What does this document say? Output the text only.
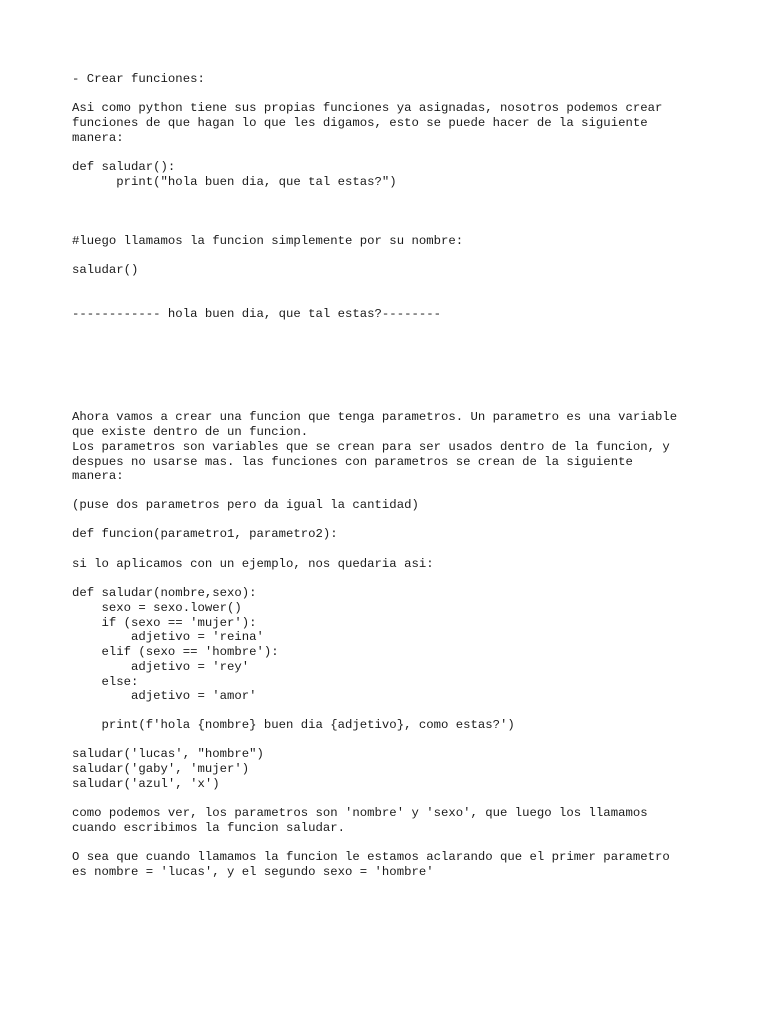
- Crear funciones:
Asi como python tiene sus propias funciones ya asignadas, nosotros podemos crear
funciones de que hagan lo que les digamos, esto se puede hacer de la siguiente
manera:
def saludar():
print("hola buen dia, que tal estas?")
#luego llamamos la funcion simplemente por su nombre:
saludar()
------------ hola buen dia, que tal estas?--------
Ahora vamos a crear una funcion que tenga parametros. Un parametro es una variable
que existe dentro de un funcion.
Los parametros son variables que se crean para ser usados dentro de la funcion, y
despues no usarse mas. las funciones con parametros se crean de la siguiente
manera:
(puse dos parametros pero da igual la cantidad)
def funcion(parametro1, parametro2):
si lo aplicamos con un ejemplo, nos quedaria asi:
def saludar(nombre,sexo):
sexo = sexo.lower()
if (sexo == 'mujer'):
adjetivo = 'reina'
elif (sexo == 'hombre'):
adjetivo = 'rey'
else:
adjetivo = 'amor'
print(f'hola {nombre} buen dia {adjetivo}, como estas?')
saludar('lucas', "hombre")
saludar('gaby', 'mujer')
saludar('azul', 'x')
como podemos ver, los parametros son 'nombre' y 'sexo', que luego los llamamos
cuando escribimos la funcion saludar.
O sea que cuando llamamos la funcion le estamos aclarando que el primer parametro
es nombre = 'lucas', y el segundo sexo = 'hombre'
